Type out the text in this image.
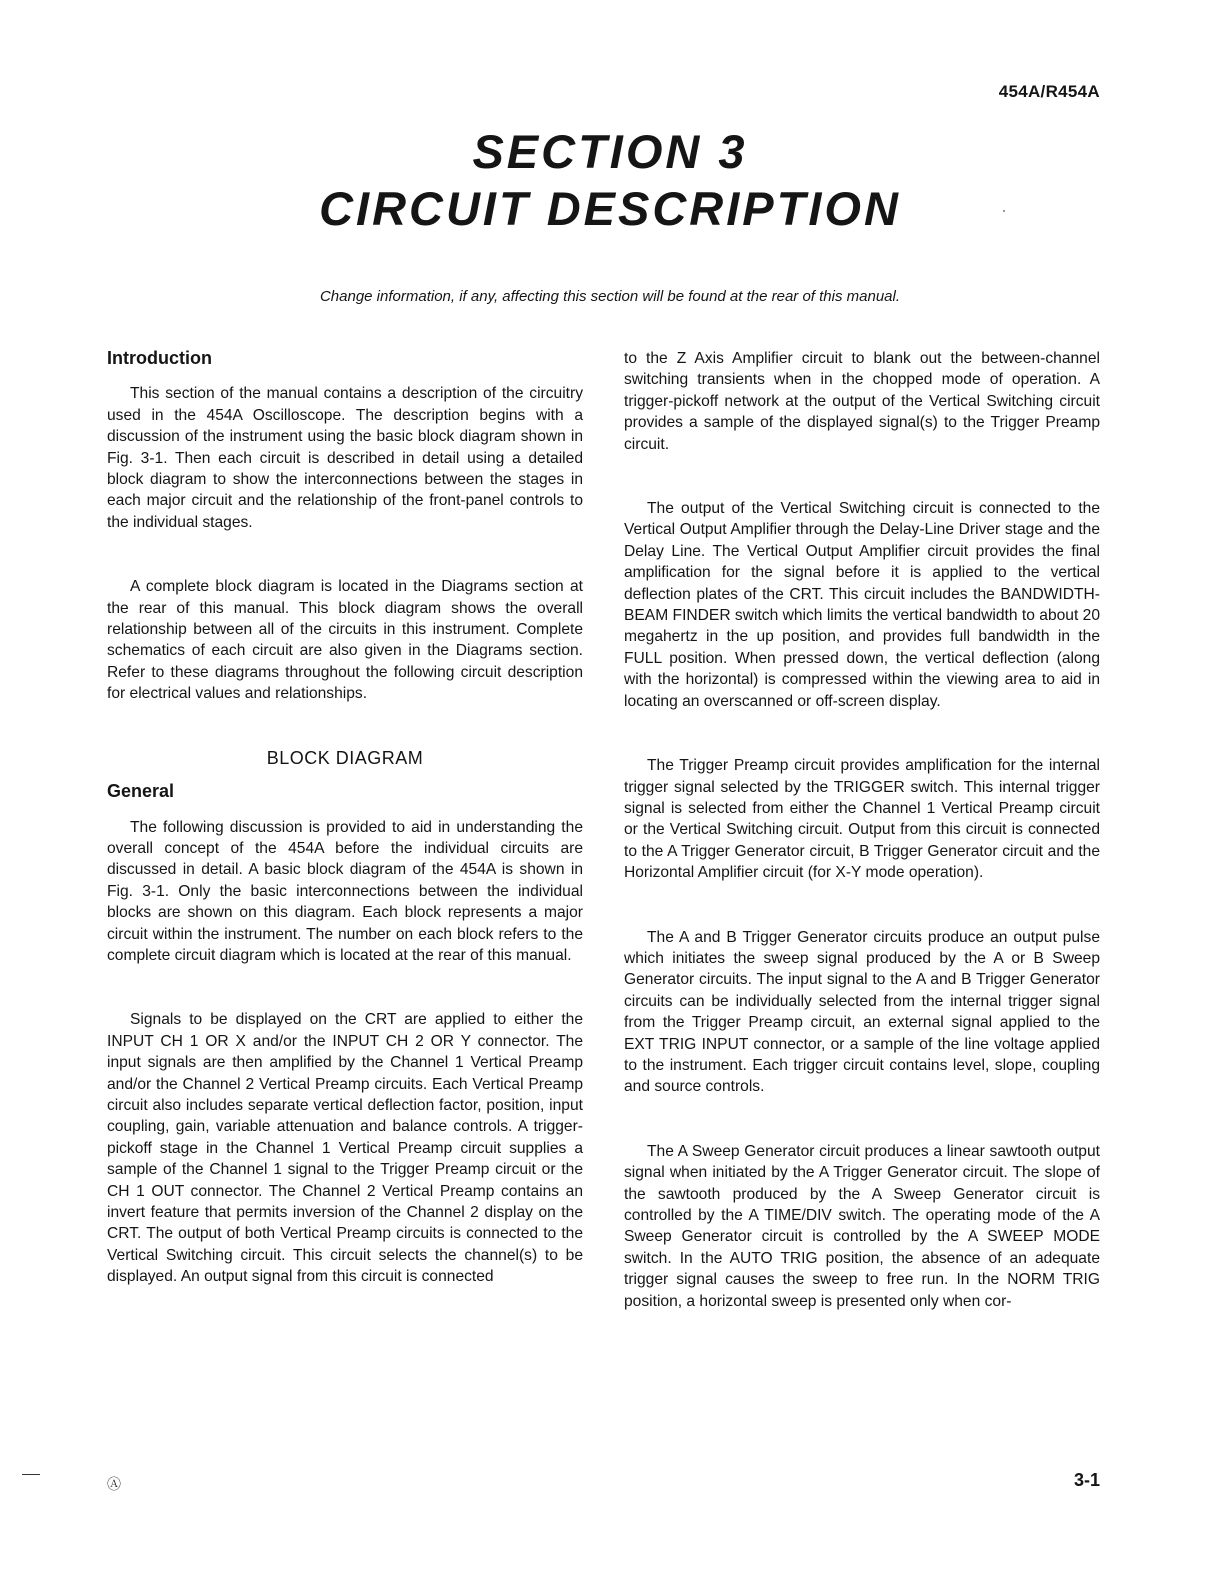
454A/R454A
SECTION 3
CIRCUIT DESCRIPTION
Change information, if any, affecting this section will be found at the rear of this manual.
Introduction

This section of the manual contains a description of the circuitry used in the 454A Oscilloscope. The description begins with a discussion of the instrument using the basic block diagram shown in Fig. 3-1. Then each circuit is described in detail using a detailed block diagram to show the interconnections between the stages in each major circuit and the relationship of the front-panel controls to the individual stages.

A complete block diagram is located in the Diagrams section at the rear of this manual. This block diagram shows the overall relationship between all of the circuits in this instrument. Complete schematics of each circuit are also given in the Diagrams section. Refer to these diagrams throughout the following circuit description for electrical values and relationships.

BLOCK DIAGRAM
General

The following discussion is provided to aid in understanding the overall concept of the 454A before the individual circuits are discussed in detail. A basic block diagram of the 454A is shown in Fig. 3-1. Only the basic interconnections between the individual blocks are shown on this diagram. Each block represents a major circuit within the instrument. The number on each block refers to the complete circuit diagram which is located at the rear of this manual.

Signals to be displayed on the CRT are applied to either the INPUT CH 1 OR X and/or the INPUT CH 2 OR Y connector. The input signals are then amplified by the Channel 1 Vertical Preamp and/or the Channel 2 Vertical Preamp circuits. Each Vertical Preamp circuit also includes separate vertical deflection factor, position, input coupling, gain, variable attenuation and balance controls. A trigger-pickoff stage in the Channel 1 Vertical Preamp circuit supplies a sample of the Channel 1 signal to the Trigger Preamp circuit or the CH 1 OUT connector. The Channel 2 Vertical Preamp contains an invert feature that permits inversion of the Channel 2 display on the CRT. The output of both Vertical Preamp circuits is connected to the Vertical Switching circuit. This circuit selects the channel(s) to be displayed. An output signal from this circuit is connected

to the Z Axis Amplifier circuit to blank out the between-channel switching transients when in the chopped mode of operation. A trigger-pickoff network at the output of the Vertical Switching circuit provides a sample of the displayed signal(s) to the Trigger Preamp circuit.

The output of the Vertical Switching circuit is connected to the Vertical Output Amplifier through the Delay-Line Driver stage and the Delay Line. The Vertical Output Amplifier circuit provides the final amplification for the signal before it is applied to the vertical deflection plates of the CRT. This circuit includes the BANDWIDTH-BEAM FINDER switch which limits the vertical bandwidth to about 20 megahertz in the up position, and provides full bandwidth in the FULL position. When pressed down, the vertical deflection (along with the horizontal) is compressed within the viewing area to aid in locating an overscanned or off-screen display.

The Trigger Preamp circuit provides amplification for the internal trigger signal selected by the TRIGGER switch. This internal trigger signal is selected from either the Channel 1 Vertical Preamp circuit or the Vertical Switching circuit. Output from this circuit is connected to the A Trigger Generator circuit, B Trigger Generator circuit and the Horizontal Amplifier circuit (for X-Y mode operation).

The A and B Trigger Generator circuits produce an output pulse which initiates the sweep signal produced by the A or B Sweep Generator circuits. The input signal to the A and B Trigger Generator circuits can be individually selected from the internal trigger signal from the Trigger Preamp circuit, an external signal applied to the EXT TRIG INPUT connector, or a sample of the line voltage applied to the instrument. Each trigger circuit contains level, slope, coupling and source controls.

The A Sweep Generator circuit produces a linear sawtooth output signal when initiated by the A Trigger Generator circuit. The slope of the sawtooth produced by the A Sweep Generator circuit is controlled by the A TIME/DIV switch. The operating mode of the A Sweep Generator circuit is controlled by the A SWEEP MODE switch. In the AUTO TRIG position, the absence of an adequate trigger signal causes the sweep to free run. In the NORM TRIG position, a horizontal sweep is presented only when cor-

Ⓐ	3-1
